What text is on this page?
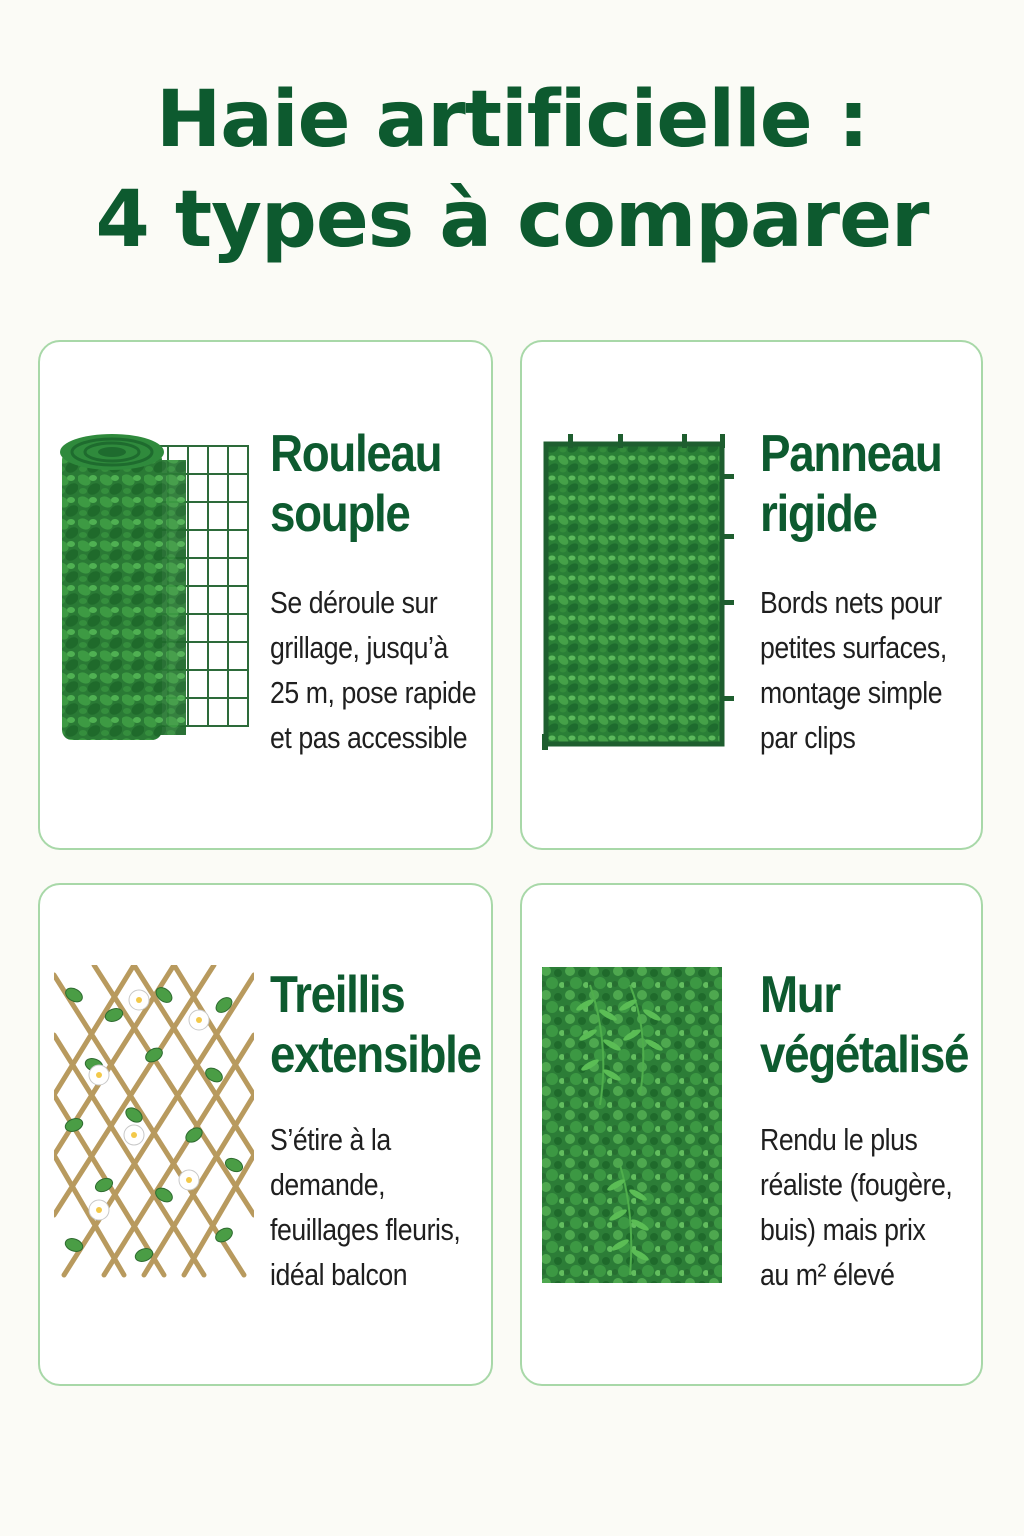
Haie artificielle :
4 types à comparer
Rouleau
souple
Se déroule sur
grillage, jusqu’à
25 m, pose rapide
et pas accessible
Panneau
rigide
Bords nets pour
petites surfaces,
montage simple
par clips
Treillis
extensible
S’étire à la
demande,
feuillages fleuris,
idéal balcon
Mur
végétalisé
Rendu le plus
réaliste (fougère,
buis) mais prix
au m² élevé
